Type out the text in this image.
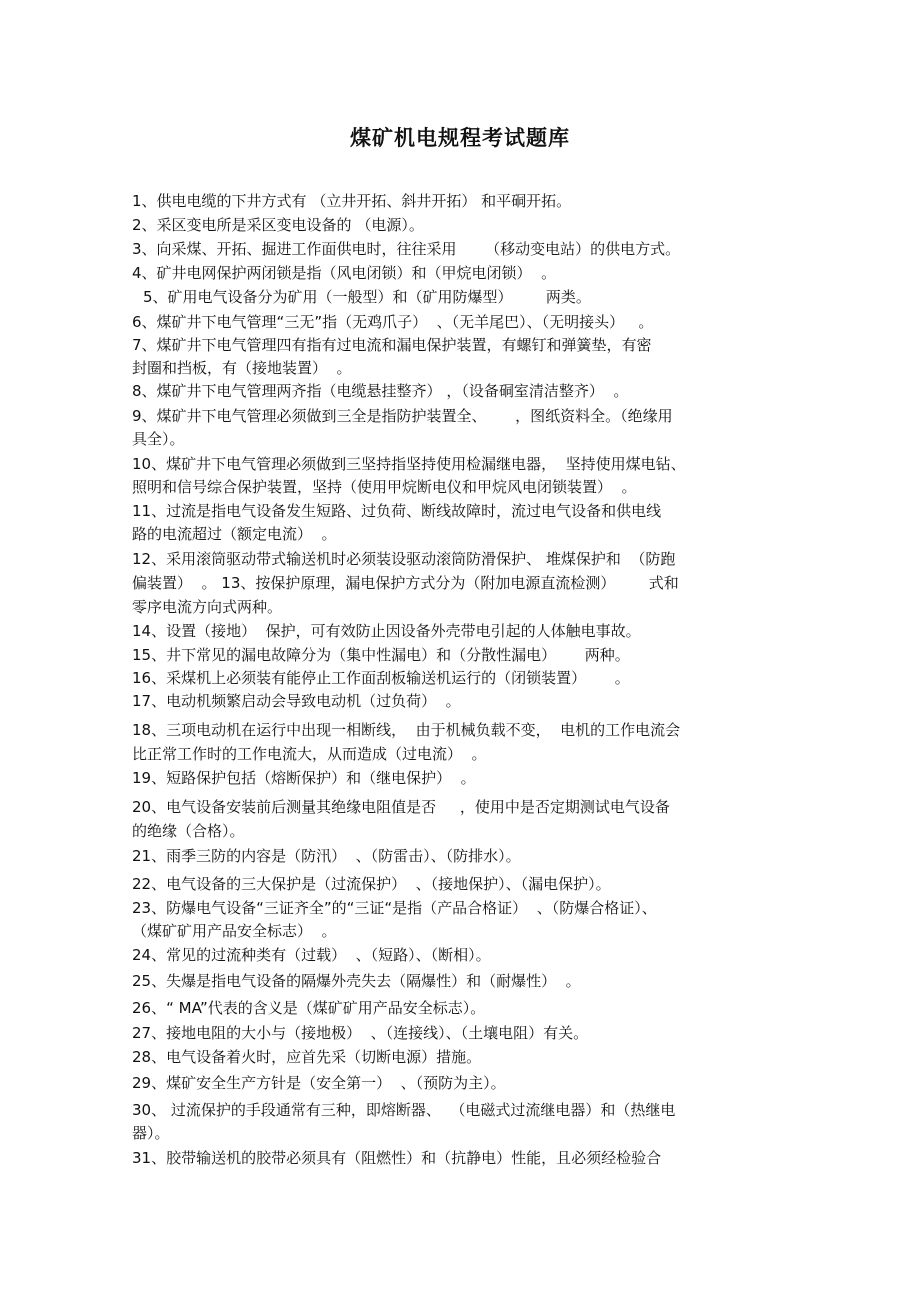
煤矿机电规程考试题库

1、供电电缆的下井方式有 （立井开拓、斜井开拓） 和平硐开拓。

2、采区变电所是采区变电设备的 （电源）。

3、向采煤、开拓、掘进工作面供电时，往往采用      （移动变电站）的供电方式。

4、矿井电网保护两闭锁是指（风电闭锁）和（甲烷电闭锁）  。

5、矿用电气设备分为矿用（一般型）和（矿用防爆型）       两类。

6、煤矿井下电气管理“三无”指（无鸡爪子）  、（无羊尾巴）、（无明接头）   。

7、煤矿井下电气管理四有指有过电流和漏电保护装置，有螺钉和弹簧垫，有密

封圈和挡板，有（接地装置）  。

8、煤矿井下电气管理两齐指（电缆悬挂整齐） ，（设备硐室清洁整齐）  。

9、煤矿井下电气管理必须做到三全是指防护装置全、      ，图纸资料全。（绝缘用

具全）。

10、煤矿井下电气管理必须做到三坚持指坚持使用检漏继电器，  坚持使用煤电钻、

照明和信号综合保护装置，坚持（使用甲烷断电仪和甲烷风电闭锁装置）  。

11、过流是指电气设备发生短路、过负荷、断线故障时，流过电气设备和供电线

路的电流超过（额定电流）  。

12、采用滚筒驱动带式输送机时必须装设驱动滚筒防滑保护、 堆煤保护和  （防跑

偏装置）  。 13、按保护原理，漏电保护方式分为（附加电源直流检测）       式和

零序电流方向式两种。

14、设置（接地）  保护，可有效防止因设备外壳带电引起的人体触电事故。

15、井下常见的漏电故障分为（集中性漏电）和（分散性漏电）      两种。

16、采煤机上必须装有能停止工作面刮板输送机运行的（闭锁装置）      。

17、电动机频繁启动会导致电动机（过负荷）  。

18、三项电动机在运行中出现一相断线，  由于机械负载不变，  电机的工作电流会

比正常工作时的工作电流大，从而造成（过电流）  。

19、短路保护包括（熔断保护）和（继电保护）  。

20、电气设备安装前后测量其绝缘电阻值是否     ，使用中是否定期测试电气设备

的绝缘（合格）。

21、雨季三防的内容是（防汛）  、（防雷击）、（防排水）。

22、电气设备的三大保护是（过流保护）  、（接地保护）、（漏电保护）。

23、防爆电气设备“三证齐全”的“三证“是指（产品合格证）  、（防爆合格证）、

（煤矿矿用产品安全标志）  。

24、常见的过流种类有（过载）  、（短路）、（断相）。

25、失爆是指电气设备的隔爆外壳失去（隔爆性）和（耐爆性）  。

26、“ MA”代表的含义是（煤矿矿用产品安全标志）。

27、接地电阻的大小与（接地极）  、（连接线）、（土壤电阻）有关。

28、电气设备着火时，应首先采（切断电源）措施。

29、煤矿安全生产方针是（安全第一）  、（预防为主）。

30、 过流保护的手段通常有三种，即熔断器、  （电磁式过流继电器）和（热继电

器）。

31、胶带输送机的胶带必须具有（阻燃性）和（抗静电）性能，且必须经检验合
